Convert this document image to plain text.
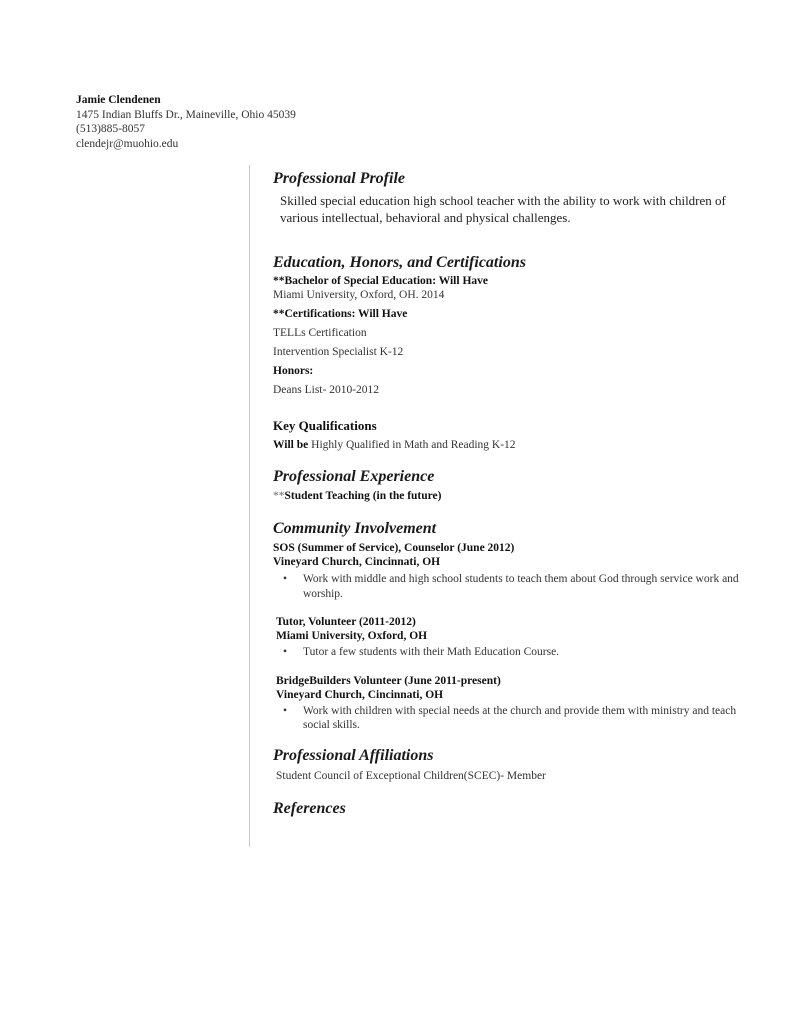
Jamie Clendenen
1475 Indian Bluffs Dr., Maineville, Ohio 45039
(513)885-8057
clendejr@muohio.edu
Professional Profile
Skilled special education high school teacher with the ability to work with children of various intellectual, behavioral and physical challenges.
Education, Honors, and Certifications
**Bachelor of Special Education: Will Have
Miami University, Oxford, OH. 2014
**Certifications: Will Have
TELLs Certification
Intervention Specialist K-12
Honors:
Deans List- 2010-2012
Key Qualifications
Will be Highly Qualified in Math and Reading K-12
Professional Experience
**Student Teaching (in the future)
Community Involvement
SOS (Summer of Service), Counselor (June 2012)
Vineyard Church, Cincinnati, OH
• Work with middle and high school students to teach them about God through service work and worship.
Tutor, Volunteer (2011-2012)
Miami University, Oxford, OH
• Tutor a few students with their Math Education Course.
BridgeBuilders Volunteer (June 2011-present)
Vineyard Church, Cincinnati, OH
• Work with children with special needs at the church and provide them with ministry and teach social skills.
Professional Affiliations
Student Council of Exceptional Children(SCEC)- Member
References
